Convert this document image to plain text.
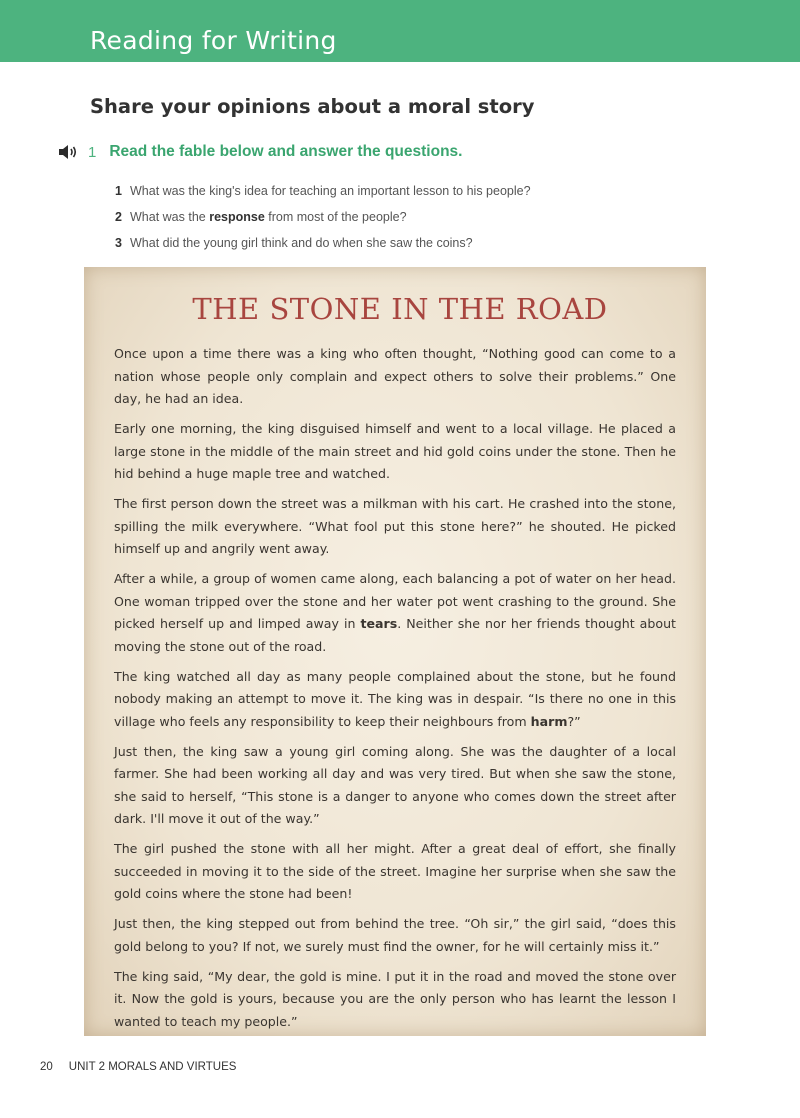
Reading for Writing
Share your opinions about a moral story
1 Read the fable below and answer the questions.
1 What was the king's idea for teaching an important lesson to his people?
2 What was the response from most of the people?
3 What did the young girl think and do when she saw the coins?
THE STONE IN THE ROAD

Once upon a time there was a king who often thought, “Nothing good can come to a nation whose people only complain and expect others to solve their problems.” One day, he had an idea.

Early one morning, the king disguised himself and went to a local village. He placed a large stone in the middle of the main street and hid gold coins under the stone. Then he hid behind a huge maple tree and watched.

The first person down the street was a milkman with his cart. He crashed into the stone, spilling the milk everywhere. “What fool put this stone here?” he shouted. He picked himself up and angrily went away.

After a while, a group of women came along, each balancing a pot of water on her head. One woman tripped over the stone and her water pot went crashing to the ground. She picked herself up and limped away in tears. Neither she nor her friends thought about moving the stone out of the road.

The king watched all day as many people complained about the stone, but he found nobody making an attempt to move it. The king was in despair. “Is there no one in this village who feels any responsibility to keep their neighbours from harm?”

Just then, the king saw a young girl coming along. She was the daughter of a local farmer. She had been working all day and was very tired. But when she saw the stone, she said to herself, “This stone is a danger to anyone who comes down the street after dark. I'll move it out of the way.”

The girl pushed the stone with all her might. After a great deal of effort, she finally succeeded in moving it to the side of the street. Imagine her surprise when she saw the gold coins where the stone had been!

Just then, the king stepped out from behind the tree. “Oh sir,” the girl said, “does this gold belong to you? If not, we surely must find the owner, for he will certainly miss it.”

The king said, “My dear, the gold is mine. I put it in the road and moved the stone over it. Now the gold is yours, because you are the only person who has learnt the lesson I wanted to teach my people.”

20 UNIT 2 MORALS AND VIRTUES
